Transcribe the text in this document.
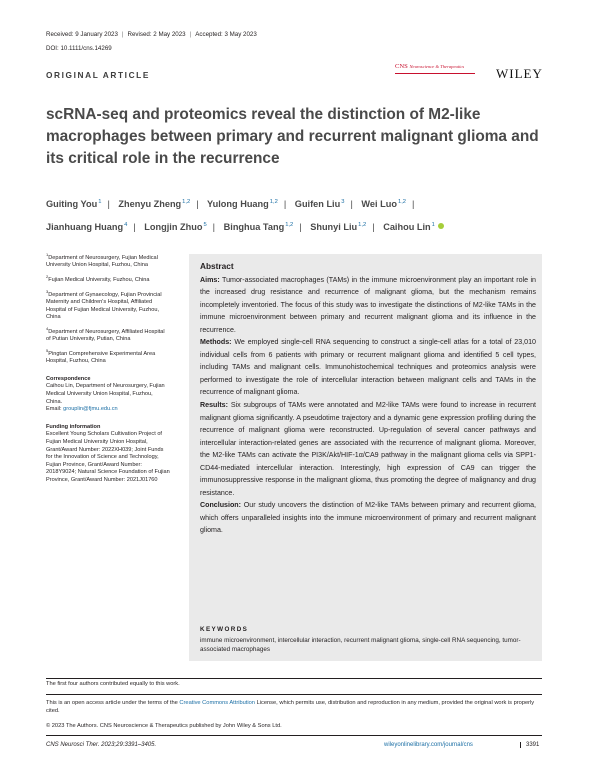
Received: 9 January 2023 | Revised: 2 May 2023 | Accepted: 3 May 2023
DOI: 10.1111/cns.14269
ORIGINAL ARTICLE
CNS Neuroscience & Therapeutics WILEY
scRNA-seq and proteomics reveal the distinction of M2-like macrophages between primary and recurrent malignant glioma and its critical role in the recurrence
Guiting You$^1$ | Zhenyu Zheng$^{1,2}$ | Yulong Huang$^{1,2}$ | Guifen Liu$^3$ | Wei Luo$^{1,2}$ |
Jianhuang Huang$^4$ | Longjin Zhuo$^5$ | Binghua Tang$^{1,2}$ | Shunyi Liu$^{1,2}$ | Caihou Lin$^1$
$^1$Department of Neurosurgery, Fujian Medical University Union Hospital, Fuzhou, China
$^2$Fujian Medical University, Fuzhou, China
$^3$Department of Gynaecology, Fujian Provincial Maternity and Children's Hospital, Affiliated Hospital of Fujian Medical University, Fuzhou, China
$^4$Department of Neurosurgery, Affiliated Hospital of Putian University, Putian, China
$^5$Pingtan Comprehensive Experimental Area Hospital, Fuzhou, China
Correspondence
Caihou Lin, Department of Neurosurgery, Fujian Medical University Union Hospital, Fuzhou, China.
Email: grouplin@fjmu.edu.cn
Funding information
Excellent Young Scholars Cultivation Project of Fujian Medical University Union Hospital, Grant/Award Number: 2022XH039; Joint Funds for the Innovation of Science and Technology, Fujian Province, Grant/Award Number: 2018Y9024; Natural Science Foundation of Fujian Province, Grant/Award Number: 2021J01760
Abstract

Aims: Tumor-associated macrophages (TAMs) in the immune microenvironment play an important role in the increased drug resistance and recurrence of malignant glioma, but the mechanism remains incompletely inventoried. The focus of this study was to investigate the distinctions of M2-like TAMs in the immune microenvironment between primary and recurrent malignant glioma and its influence in the recurrence.

Methods: We employed single-cell RNA sequencing to construct a single-cell atlas for a total of 23,010 individual cells from 6 patients with primary or recurrent malignant glioma and identified 5 cell types, including TAMs and malignant cells. Immunohistochemical techniques and proteomics analysis were performed to investigate the role of intercellular interaction between malignant cells and TAMs in the recurrence of malignant glioma.

Results: Six subgroups of TAMs were annotated and M2-like TAMs were found to increase in recurrent malignant glioma significantly. A pseudotime trajectory and a dynamic gene expression profiling during the recurrence of malignant glioma were reconstructed. Up-regulation of several cancer pathways and intercellular interaction-related genes are associated with the recurrence of malignant glioma. Moreover, the M2-like TAMs can activate the PI3K/Akt/HIF-1α/CA9 pathway in the malignant glioma cells via SPP1-CD44-mediated intercellular interaction. Interestingly, high expression of CA9 can trigger the immunosuppressive response in the malignant glioma, thus promoting the degree of malignancy and drug resistance.

Conclusion: Our study uncovers the distinction of M2-like TAMs between primary and recurrent glioma, which offers unparalleled insights into the immune microenvironment of primary and recurrent malignant glioma.

KEYWORDS
immune microenvironment, intercellular interaction, recurrent malignant glioma, single-cell RNA sequencing, tumor-associated macrophages
The first four authors contributed equally to this work.
This is an open access article under the terms of the Creative Commons Attribution License, which permits use, distribution and reproduction in any medium, provided the original work is properly cited.
© 2023 The Authors. CNS Neuroscience & Therapeutics published by John Wiley & Sons Ltd.
CNS Neurosci Ther. 2023;29:3391–3405.	wileyonlinelibrary.com/journal/cns	3391
